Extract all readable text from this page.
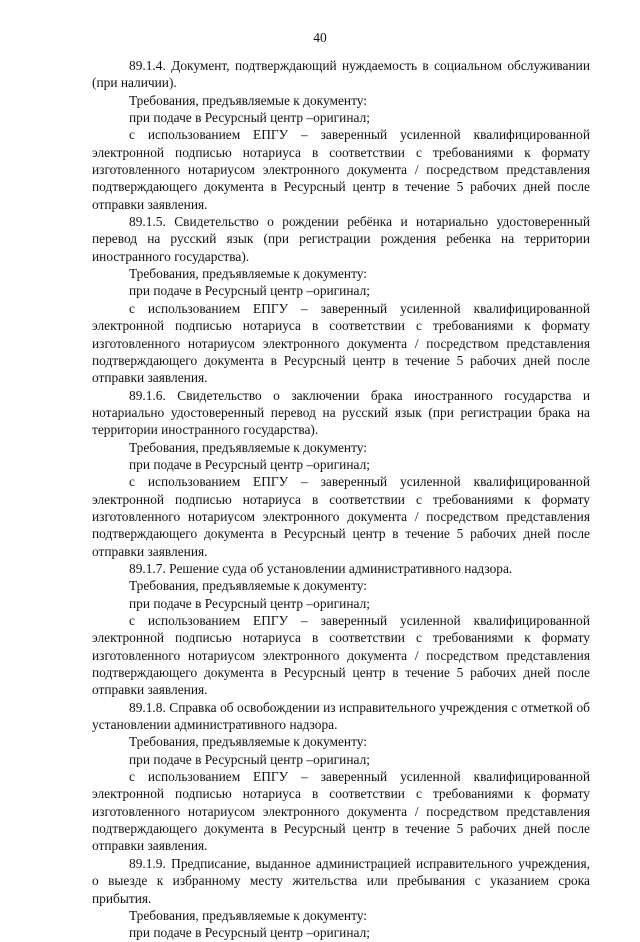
40

89.1.4. Документ, подтверждающий нуждаемость в социальном обслуживании (при наличии).

Требования, предъявляемые к документу:

при подаче в Ресурсный центр –оригинал;

с использованием ЕПГУ – заверенный усиленной квалифицированной электронной подписью нотариуса в соответствии с требованиями к формату изготовленного нотариусом электронного документа / посредством представления подтверждающего документа в Ресурсный центр в течение 5 рабочих дней после отправки заявления.

89.1.5. Свидетельство о рождении ребёнка и нотариально удостоверенный перевод на русский язык (при регистрации рождения ребенка на территории иностранного государства).

Требования, предъявляемые к документу:

при подаче в Ресурсный центр –оригинал;

с использованием ЕПГУ – заверенный усиленной квалифицированной электронной подписью нотариуса в соответствии с требованиями к формату изготовленного нотариусом электронного документа / посредством представления подтверждающего документа в Ресурсный центр в течение 5 рабочих дней после отправки заявления.

89.1.6. Свидетельство о заключении брака иностранного государства и нотариально удостоверенный перевод на русский язык (при регистрации брака на территории иностранного государства).

Требования, предъявляемые к документу:

при подаче в Ресурсный центр –оригинал;

с использованием ЕПГУ – заверенный усиленной квалифицированной электронной подписью нотариуса в соответствии с требованиями к формату изготовленного нотариусом электронного документа / посредством представления подтверждающего документа в Ресурсный центр в течение 5 рабочих дней после отправки заявления.

89.1.7. Решение суда об установлении административного надзора.

Требования, предъявляемые к документу:

при подаче в Ресурсный центр –оригинал;

с использованием ЕПГУ – заверенный усиленной квалифицированной электронной подписью нотариуса в соответствии с требованиями к формату изготовленного нотариусом электронного документа / посредством представления подтверждающего документа в Ресурсный центр в течение 5 рабочих дней после отправки заявления.

89.1.8. Справка об освобождении из исправительного учреждения с отметкой об установлении административного надзора.

Требования, предъявляемые к документу:

при подаче в Ресурсный центр –оригинал;

с использованием ЕПГУ – заверенный усиленной квалифицированной электронной подписью нотариуса в соответствии с требованиями к формату изготовленного нотариусом электронного документа / посредством представления подтверждающего документа в Ресурсный центр в течение 5 рабочих дней после отправки заявления.

89.1.9. Предписание, выданное администрацией исправительного учреждения, о выезде к избранному месту жительства или пребывания с указанием срока прибытия.

Требования, предъявляемые к документу:

при подаче в Ресурсный центр –оригинал;
